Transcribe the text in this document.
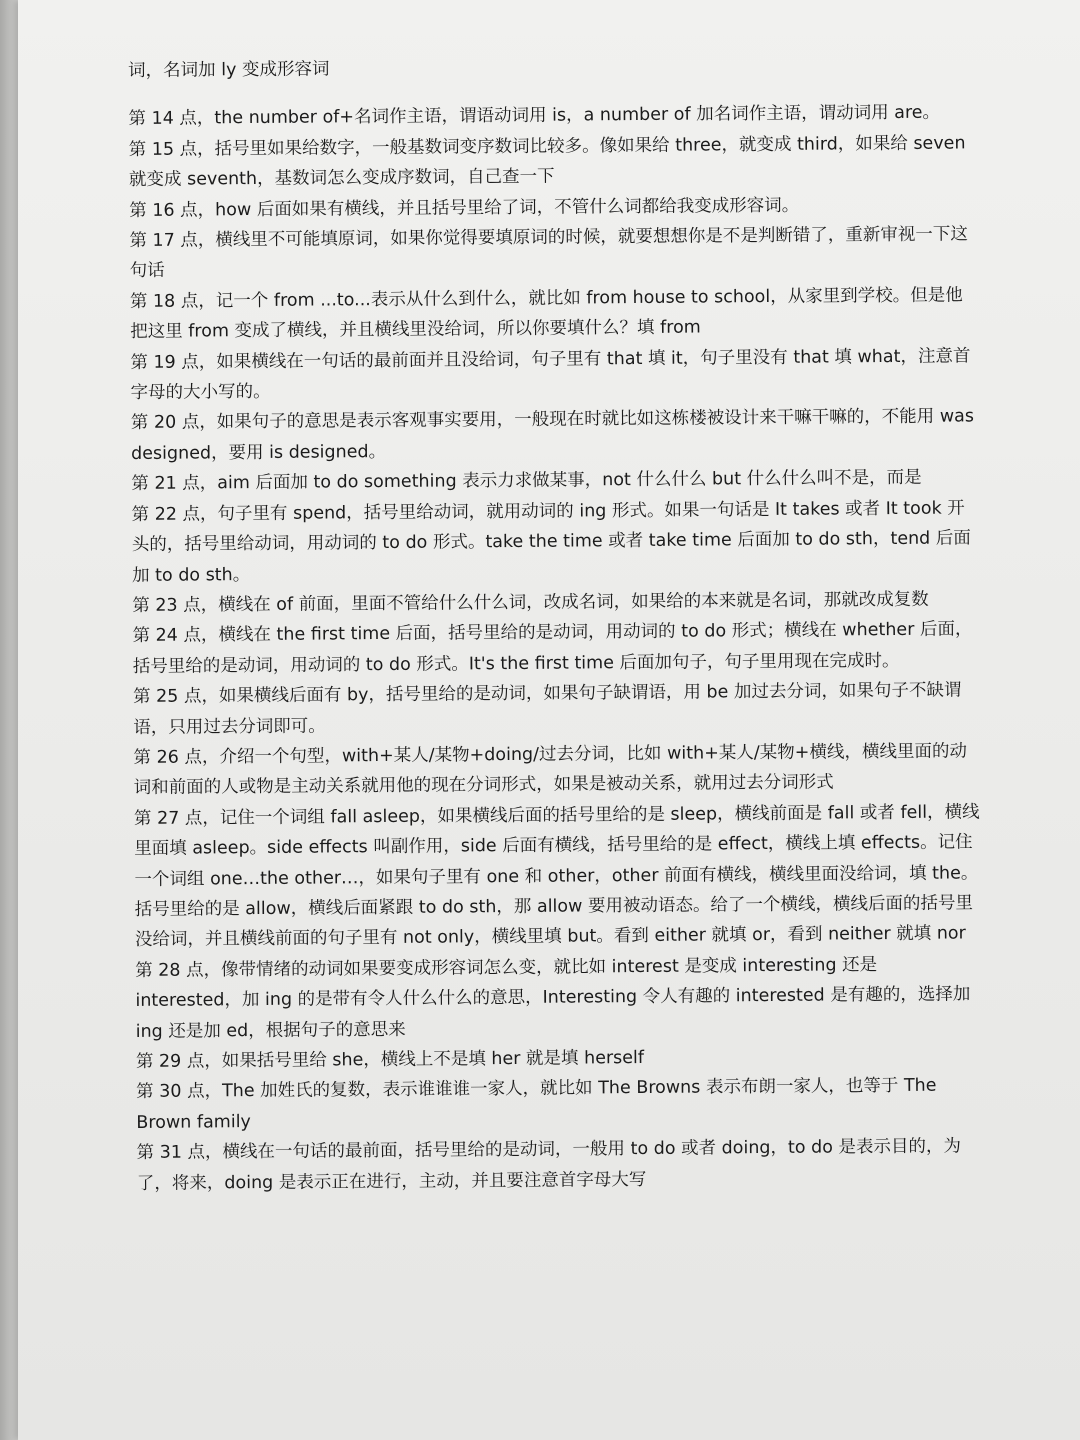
词，名词加 ly 变成形容词

第 14 点，the number of+名词作主语，谓语动词用 is，a number of 加名词作主语，谓动词用 are。

第 15 点，括号里如果给数字，一般基数词变序数词比较多。像如果给 three，就变成 third，如果给 seven 就变成 seventh，基数词怎么变成序数词，自己查一下

第 16 点，how 后面如果有横线，并且括号里给了词，不管什么词都给我变成形容词。

第 17 点，横线里不可能填原词，如果你觉得要填原词的时候，就要想想你是不是判断错了，重新审视一下这句话

第 18 点，记一个 from ...to...表示从什么到什么，就比如 from house to school，从家里到学校。但是他把这里 from 变成了横线，并且横线里没给词，所以你要填什么？填 from

第 19 点，如果横线在一句话的最前面并且没给词，句子里有 that 填 it，句子里没有 that 填 what，注意首字母的大小写的。

第 20 点，如果句子的意思是表示客观事实要用，一般现在时就比如这栋楼被设计来干嘛干嘛的，不能用 was designed，要用 is designed。

第 21 点，aim 后面加 to do something 表示力求做某事，not 什么什么 but 什么什么叫不是，而是

第 22 点，句子里有 spend，括号里给动词，就用动词的 ing 形式。如果一句话是 It takes 或者 It took 开头的，括号里给动词，用动词的 to do 形式。take the time 或者 take time 后面加 to do sth，tend 后面加 to do sth。

第 23 点，横线在 of 前面，里面不管给什么什么词，改成名词，如果给的本来就是名词，那就改成复数

第 24 点，横线在 the first time 后面，括号里给的是动词，用动词的 to do 形式；横线在 whether 后面，括号里给的是动词，用动词的 to do 形式。It's the first time 后面加句子，句子里用现在完成时。

第 25 点，如果横线后面有 by，括号里给的是动词，如果句子缺谓语，用 be 加过去分词，如果句子不缺谓语，只用过去分词即可。

第 26 点，介绍一个句型，with+某人/某物+doing/过去分词，比如 with+某人/某物+横线，横线里面的动词和前面的人或物是主动关系就用他的现在分词形式，如果是被动关系，就用过去分词形式

第 27 点，记住一个词组 fall asleep，如果横线后面的括号里给的是 sleep，横线前面是 fall 或者 fell，横线里面填 asleep。side effects 叫副作用，side 后面有横线，括号里给的是 effect，横线上填 effects。记住一个词组 one…the other…，如果句子里有 one 和 other，other 前面有横线，横线里面没给词，填 the。括号里给的是 allow，横线后面紧跟 to do sth，那 allow 要用被动语态。给了一个横线，横线后面的括号里没给词，并且横线前面的句子里有 not only，横线里填 but。看到 either 就填 or，看到 neither 就填 nor

第 28 点，像带情绪的动词如果要变成形容词怎么变，就比如 interest 是变成 interesting 还是 interested，加 ing 的是带有令人什么什么的意思，Interesting 令人有趣的 interested 是有趣的，选择加 ing 还是加 ed，根据句子的意思来

第 29 点，如果括号里给 she，横线上不是填 her 就是填 herself

第 30 点，The 加姓氏的复数，表示谁谁谁一家人，就比如 The Browns 表示布朗一家人，也等于 The Brown family

第 31 点，横线在一句话的最前面，括号里给的是动词，一般用 to do 或者 doing，to do 是表示目的，为了，将来，doing 是表示正在进行，主动，并且要注意首字母大写
